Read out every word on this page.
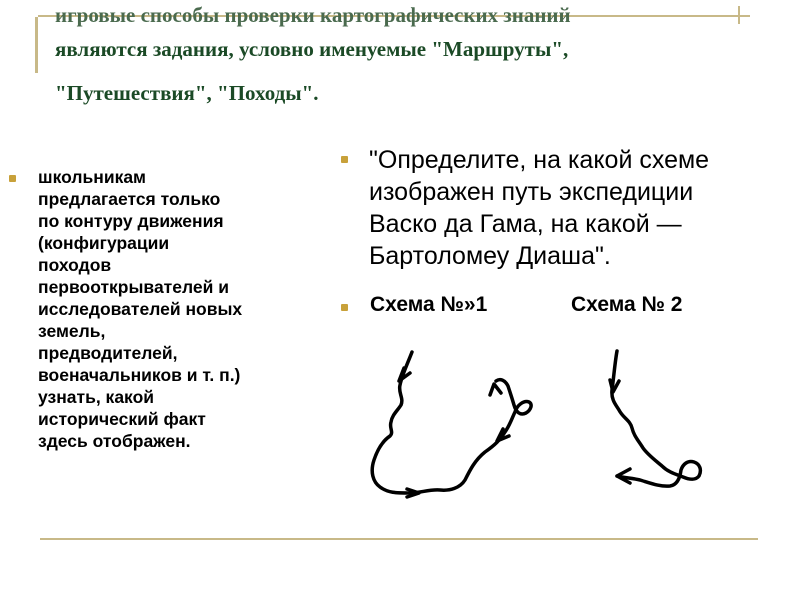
игровые способы проверки картографических знаний
являются задания, условно именуемые "Маршруты",
"Путешествия", "Походы".

школьникам
предлагается только
по контуру движения
(конфигурации
походов
первооткрывателей и
исследователей новых
земель,
предводителей,
военачальников и т. п.)
узнать, какой
исторический факт
здесь отображен.

"Определите, на какой схеме
изображен путь экспедиции
Васко да Гама, на какой —
Бартоломеу Диаша".

Схема №»1	Схема № 2
